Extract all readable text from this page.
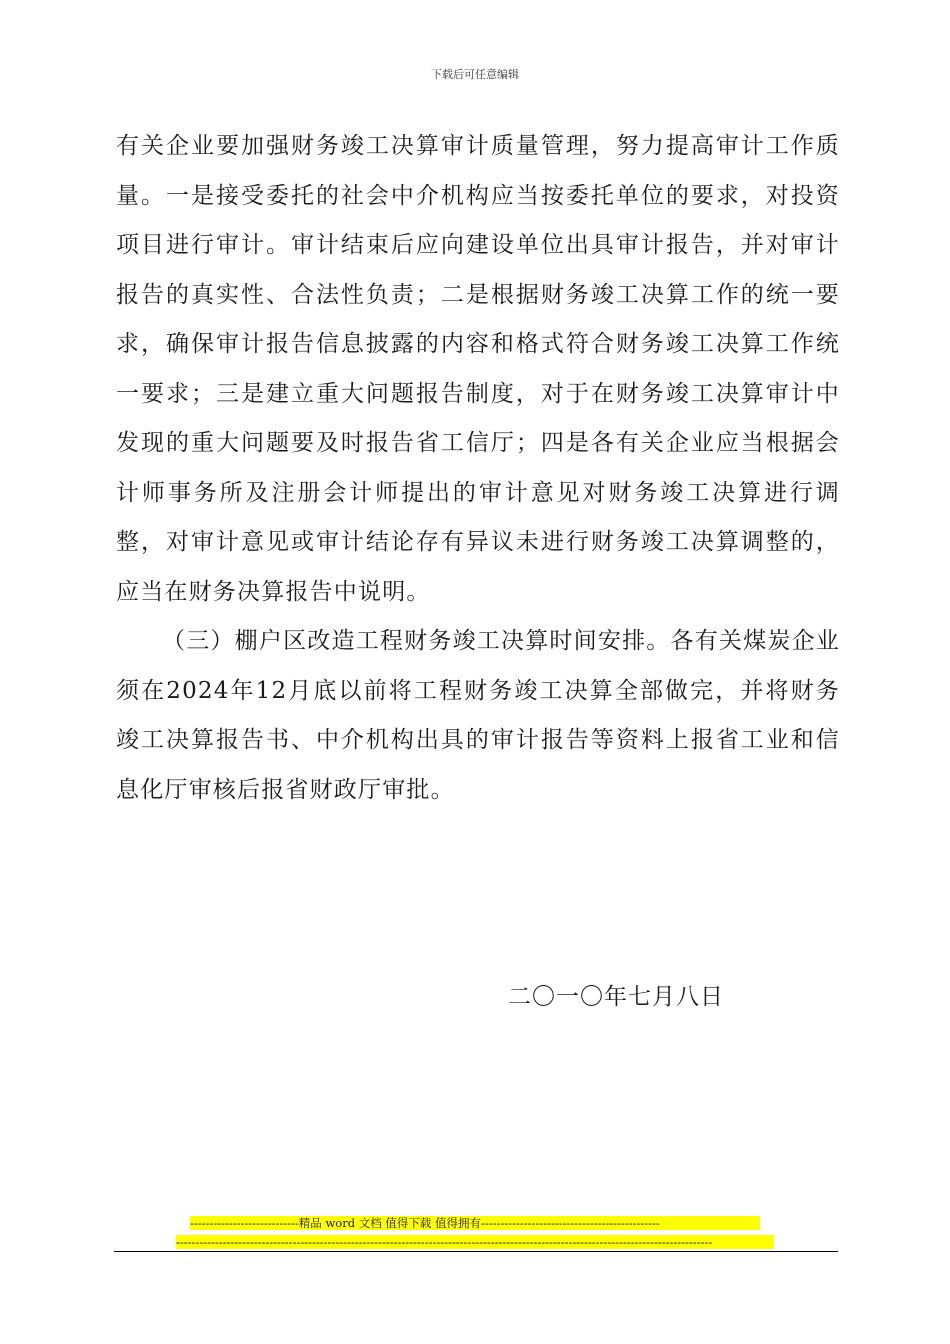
下载后可任意编辑

有关企业要加强财务竣工决算审计质量管理，努力提高审计工作质量。一是接受委托的社会中介机构应当按委托单位的要求，对投资项目进行审计。审计结束后应向建设单位出具审计报告，并对审计报告的真实性、合法性负责；二是根据财务竣工决算工作的统一要求，确保审计报告信息披露的内容和格式符合财务竣工决算工作统一要求；三是建立重大问题报告制度，对于在财务竣工决算审计中发现的重大问题要及时报告省工信厅；四是各有关企业应当根据会计师事务所及注册会计师提出的审计意见对财务竣工决算进行调整，对审计意见或审计结论存有异议未进行财务竣工决算调整的，应当在财务决算报告中说明。

（三）棚户区改造工程财务竣工决算时间安排。各有关煤炭企业须在2024年12月底以前将工程财务竣工决算全部做完，并将财务竣工决算报告书、中介机构出具的审计报告等资料上报省工业和信息化厅审核后报省财政厅审批。

二〇一〇年七月八日
----------------------------精品 word 文档 值得下载 值得拥有----------------------------------------------
------------------------------------------------------------------------------------------------------------------------------------------
